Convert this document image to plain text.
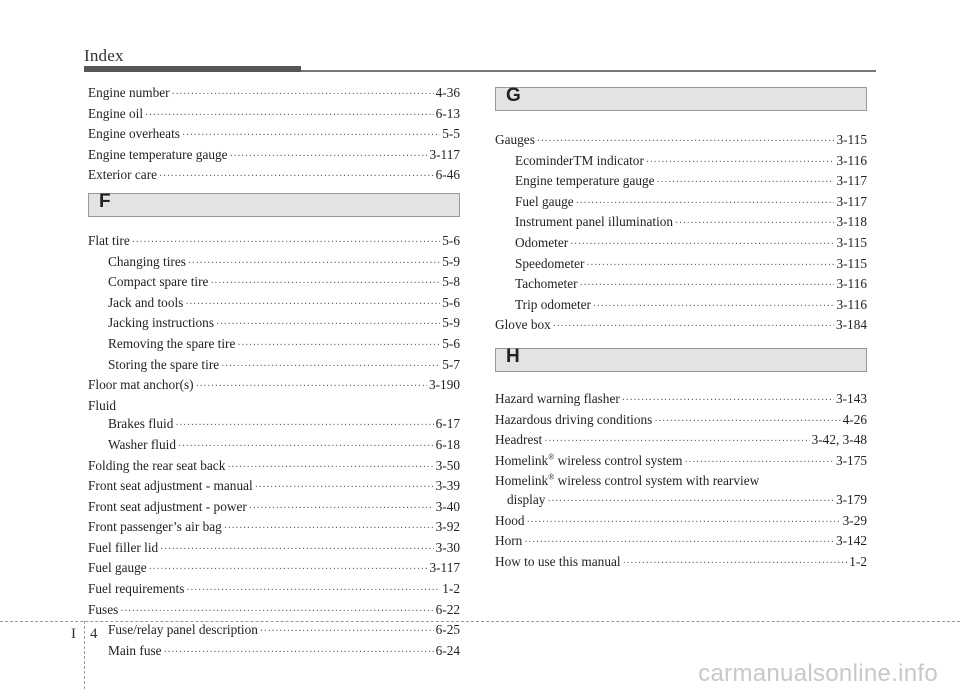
Index
Engine number ·····	4-36
Engine oil ·····	6-13
Engine overheats ·····	5-5
Engine temperature gauge ·····	3-117
Exterior care ·····	6-46
F
Flat tire ·····	5-6
Changing tires ·····	5-9
Compact spare tire ·····	5-8
Jack and tools ·····	5-6
Jacking instructions ·····	5-9
Removing the spare tire ·····	5-6
Storing the spare tire ·····	5-7
Floor mat anchor(s) ·····	3-190
Fluid
Brakes fluid ·····	6-17
Washer fluid ·····	6-18
Folding the rear seat back ·····	3-50
Front seat adjustment - manual ·····	3-39
Front seat adjustment - power ·····	3-40
Front passenger’s air bag ·····	3-92
Fuel filler lid ·····	3-30
Fuel gauge ·····	3-117
Fuel requirements ·····	1-2
Fuses ·····	6-22
Fuse/relay panel description ·····	6-25
Main fuse ·····	6-24
G
Gauges ·····	3-115
EcominderTM indicator ·····	3-116
Engine temperature gauge ·····	3-117
Fuel gauge ·····	3-117
Instrument panel illumination ·····	3-118
Odometer ·····	3-115
Speedometer ·····	3-115
Tachometer ·····	3-116
Trip odometer ·····	3-116
Glove box ·····	3-184
H
Hazard warning flasher ·····	3-143
Hazardous driving conditions ·····	4-26
Headrest ·····	3-42, 3-48
Homelink® wireless control system ·····	3-175
Homelink® wireless control system with rearview
display ·····	3-179
Hood ·····	3-29
Horn ·····	3-142
How to use this manual ·····	1-2
I 4
carmanualsonline.info
